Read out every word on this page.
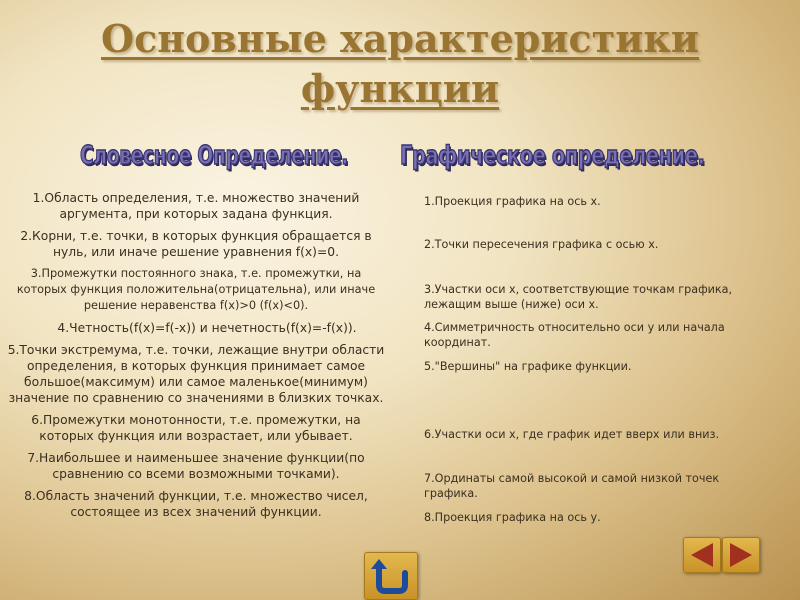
Основные характеристики
функции
Словесное Определение. Графическое определение.
1.Область определения, т.е. множество значений аргумента, при которых задана функция.
2.Корни, т.е. точки, в которых функция обращается в нуль, или иначе решение уравнения f(x)=0.
3.Промежутки постоянного знака, т.е. промежутки, на которых функция положительна(отрицательна), или иначе решение неравенства f(x)>0 (f(x)<0).
4.Четность(f(x)=f(-x)) и нечетность(f(x)=-f(x)).
5.Точки экстремума, т.е. точки, лежащие внутри области определения, в которых функция принимает самое большое(максимум) или самое маленькое(минимум) значение по сравнению со значениями в близких точках.
6.Промежутки монотонности, т.е. промежутки, на которых функция или возрастает, или убывает.
7.Наибольшее и наименьшее значение функции(по сравнению со всеми возможными точками).
8.Область значений функции, т.е. множество чисел, состоящее из всех значений функции.
1.Проекция графика на ось х.
2.Точки пересечения графика с осью х.
3.Участки оси х, соответствующие точкам графика, лежащим выше (ниже) оси х.
4.Симметричность относительно оси у или начала координат.
5."Вершины" на графике функции.
6.Участки оси х, где график идет вверх или вниз.
7.Ординаты самой высокой и самой низкой точек графика.
8.Проекция графика на ось у.
